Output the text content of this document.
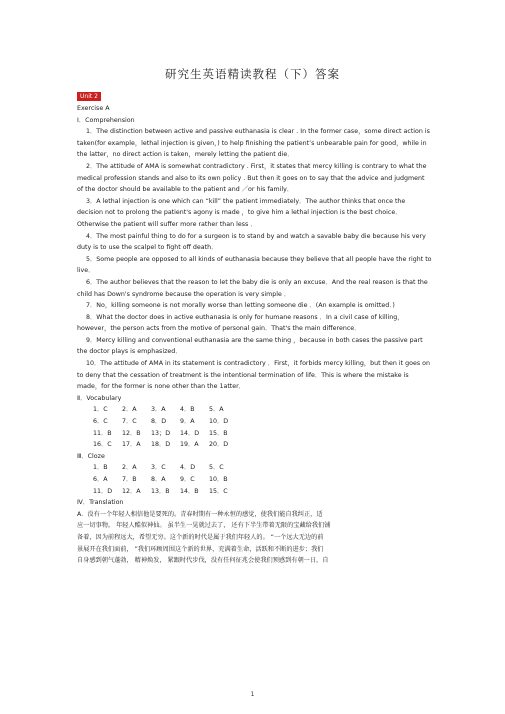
研究生英语精读教程（下）答案
Unit 2

Exercise A

I．Comprehension

1．The distinction between active and passive euthanasia is clear . In the former case，some direct action is taken(for example，lethal injection is given，) to help finishing the patient’s unbearable pain for good，while in the latter，no direct action is taken，merely letting the patient die．

2．The attitude of AMA is somewhat contradictory . First，it states that mercy killing is contrary to what the medical profession stands and also to its own policy . But then it goes on to say that the advice and judgment of the doctor should be available to the patient and ／or his family．

3．A lethal injection is one which can “kill” the patient immediately．The author thinks that once the decision not to prolong the patient's agony is made ，to give him a lethal injection is the best choice．Otherwise the patient will suffer more rather than less ．

4．The most painful thing to do for a surgeon is to stand by and watch a savable baby die because his very duty is to use the scalpel to fight off death．

5．Some people are opposed to all kinds of euthanasia because they believe that all people have the right to live．

6．The author believes that the reason to let the baby die is only an excuse．And the real reason is that the child has Down's syndrome because the operation is very simple ．

7．No，killing someone is not morally worse than letting someone die ．(An example is omitted．)

8．What the doctor does in active euthanasia is only for humane reasons ．In a civil case of killing，however，the person acts from the motive of personal gain．That's the main difference．

9．Mercy killing and conventional euthanasia are the same thing ，because in both cases the passive part the doctor plays is emphasized．

10．The attitude of AMA in its statement is contradictory ．First，it forbids mercy killing，but then it goes on to deny that the cessation of treatment is the intentional termination of life．This is where the mistake is made，for the former is none other than the 1atter．

Ⅱ．Vocabulary

1．C	2．A	3．A	4．B	5．A
6．C	7．C	8．D	9．A	10．D
11．B	12．B	13；D	14．D	15．B
16．C	17．A	18．D	19．A	20．D

Ⅲ．Cloze

1．B	2．A	3．C	4．D	5．C
6．A	7．B	8．A	9．C	10．B
11．D	12．A	13．B	14．B	15．C

Ⅳ．Translation

A．没有一个年轻人相信他是要死的。青春时期有一种永恒的感觉，使我们能自我纠正，适

应一切事物。 年轻人酷似神仙。 虽半生一晃就过去了， 还有下半生带着无限的宝藏给我们铺

备着，因为前程远大，希望无穷。这个新的时代是属于我们年轻人的。 “一个远大无边的前

景展开在我们面前， ”我们环顾周围这个新的世界，充满着生命，活跃和不断的进步；我们

自身感到朝气蓬勃， 精神焕发， 紧跟时代步伐，没有任何征兆会使我们预感到有朝一日，自

1
